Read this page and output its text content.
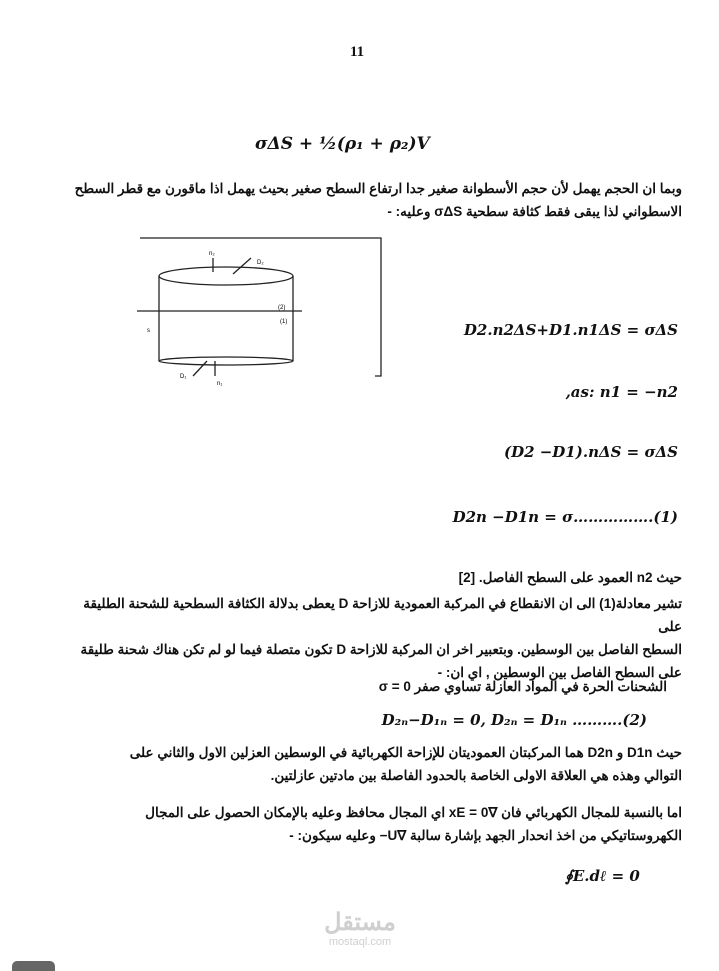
11
σΔS + ½(ρ₁ + ρ₂)V
وبما ان الحجم يهمل لأن حجم الأسطوانة صغير جدا ارتفاع السطح صغير بحيث يهمل اذا ماقورن مع قطر السطح
الاسطواني لذا يبقى فقط كثافة سطحية σΔS وعليه: -
n₂
D₂
(2)
(1)
s
D₁
n₁
D2.n2ΔS+D1.n1ΔS = σΔS
,as: n1 = −n2
(D2 −D1).nΔS = σΔS
D2n −D1n = σ…………….(1)
حيث n2 العمود على السطح الفاصل. [2]
تشير معادلة(1) الى ان الانقطاع في المركبة العمودية للازاحة D يعطى بدلالة الكثافة السطحية للشحنة الطليقة على
السطح الفاصل بين الوسطين. وبتعبير اخر ان المركبة للازاحة D تكون متصلة فيما لو لم تكن هناك شحنة طليقة
على السطح الفاصل بين الوسطين , اي ان: -
الشحنات الحرة في المواد العازلة تساوي صفر σ = 0
D₂ₙ−D₁ₙ = 0, D₂ₙ = D₁ₙ ……….(2)
حيث D1n و D2n هما المركبتان العموديتان للإزاحة الكهربائية في الوسطين العزلين الاول والثاني على
التوالي وهذه هي العلاقة الاولى الخاصة بالحدود الفاصلة بين مادتين عازلتين.
اما بالنسبة للمجال الكهربائي فان ∇xE = 0 اي المجال محافظ وعليه بالإمكان الحصول على المجال
الكهروستاتيكي من اخذ انحدار الجهد بإشارة سالبة ∇U− وعليه سيكون: -
∮E.dℓ = 0
مستقل
mostaql.com
